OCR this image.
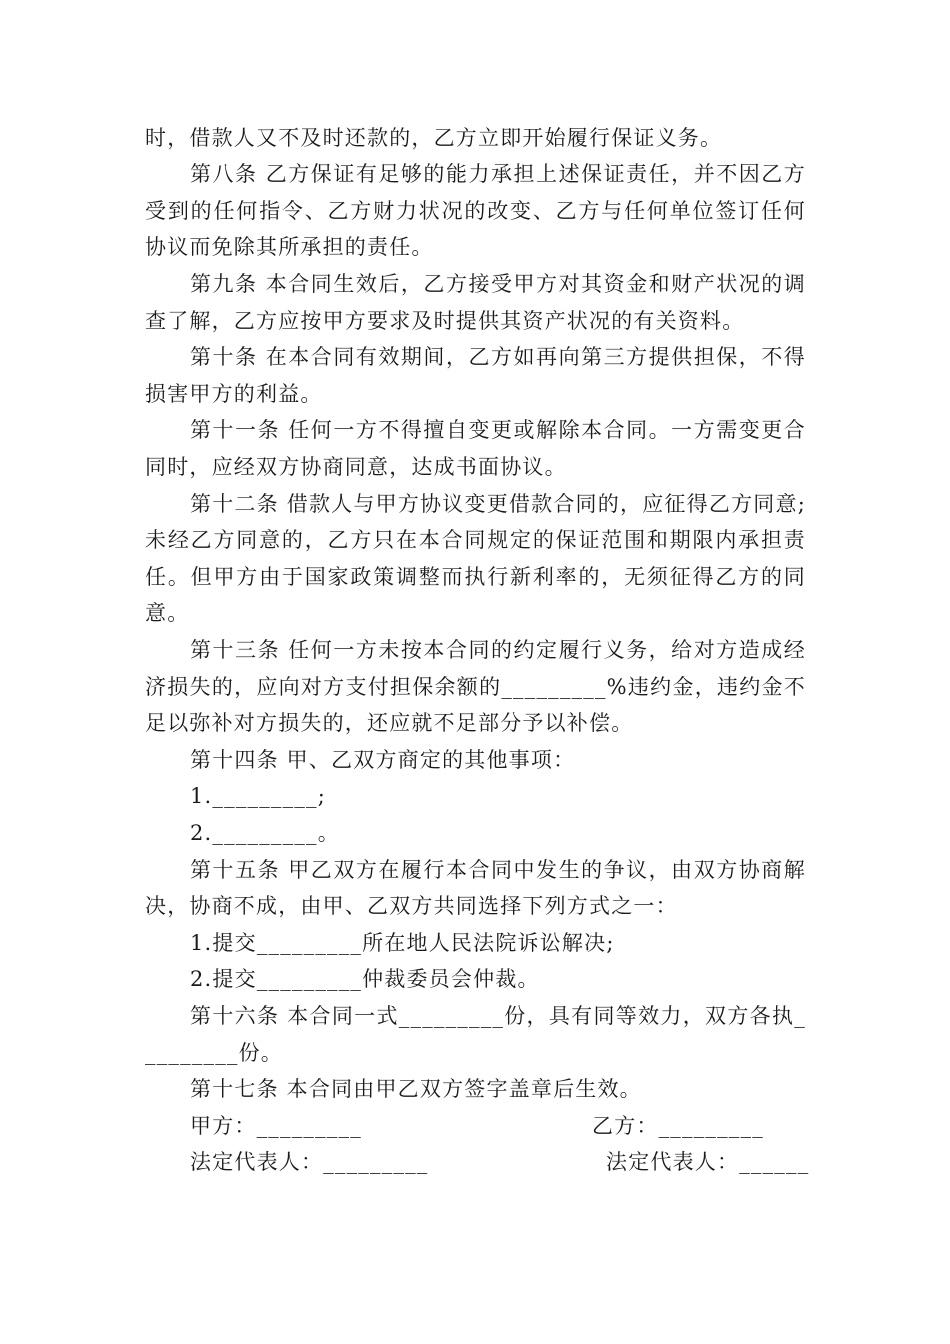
时，借款人又不及时还款的，乙方立即开始履行保证义务。
第八条 乙方保证有足够的能力承担上述保证责任，并不因乙方
受到的任何指令、乙方财力状况的改变、乙方与任何单位签订任何
协议而免除其所承担的责任。
第九条 本合同生效后，乙方接受甲方对其资金和财产状况的调
查了解，乙方应按甲方要求及时提供其资产状况的有关资料。
第十条 在本合同有效期间，乙方如再向第三方提供担保，不得
损害甲方的利益。
第十一条 任何一方不得擅自变更或解除本合同。一方需变更合
同时，应经双方协商同意，达成书面协议。
第十二条 借款人与甲方协议变更借款合同的，应征得乙方同意;
未经乙方同意的，乙方只在本合同规定的保证范围和期限内承担责
任。但甲方由于国家政策调整而执行新利率的，无须征得乙方的同
意。
第十三条 任何一方未按本合同的约定履行义务，给对方造成经
济损失的，应向对方支付担保余额的_________%违约金，违约金不
足以弥补对方损失的，还应就不足部分予以补偿。
第十四条 甲、乙双方商定的其他事项：
1._________;
2._________。
第十五条 甲乙双方在履行本合同中发生的争议，由双方协商解
决，协商不成，由甲、乙双方共同选择下列方式之一：
1.提交_________所在地人民法院诉讼解决;
2.提交_________仲裁委员会仲裁。
第十六条 本合同一式_________份，具有同等效力，双方各执_
________份。
第十七条 本合同由甲乙双方签字盖章后生效。
甲方：_________	乙方：_________
法定代表人：_________	法定代表人：______
